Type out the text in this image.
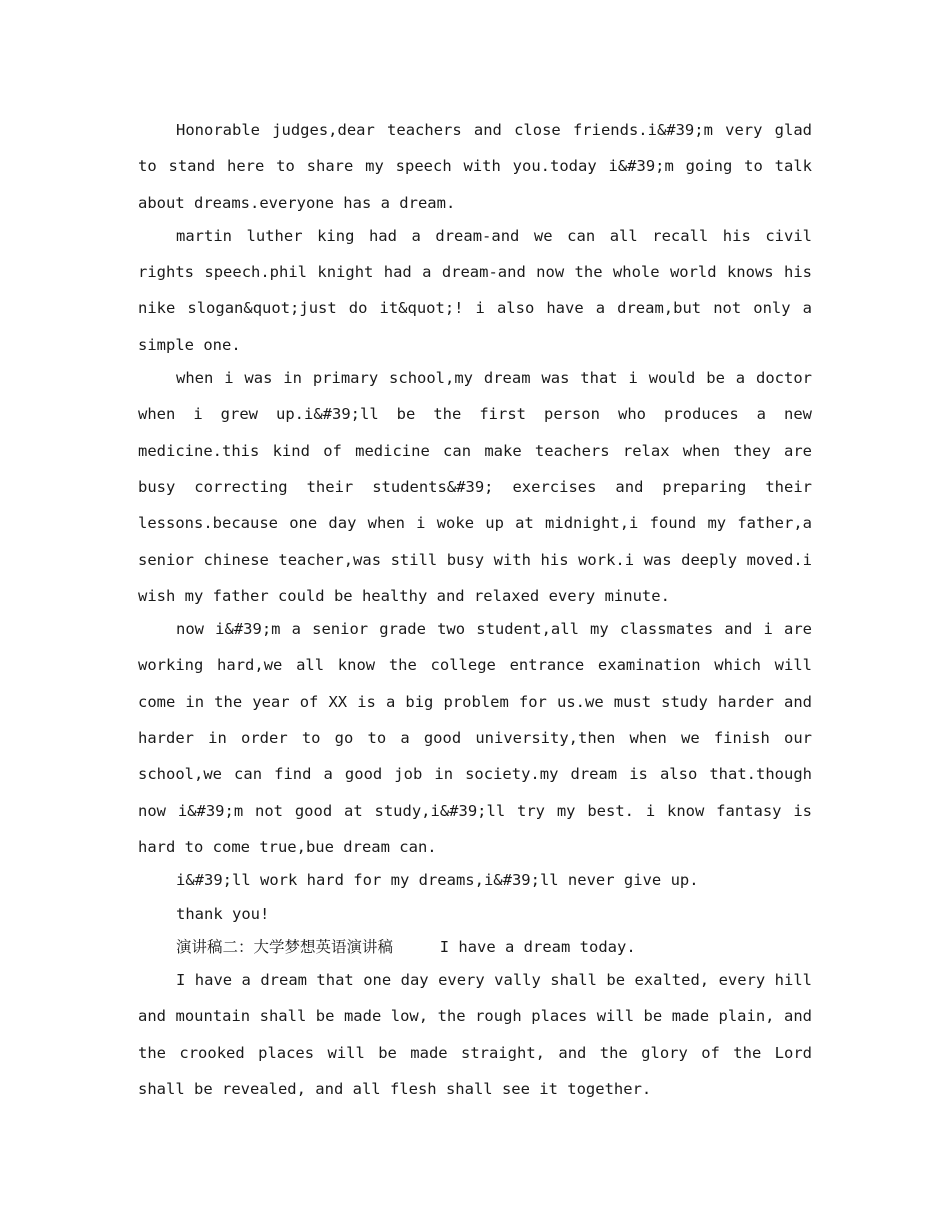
Honorable judges,dear teachers and close friends.i&#39;m very glad to stand here to share my speech with you.today i&#39;m going to talk about dreams.everyone has a dream.

martin luther king had a dream-and we can all recall his civil rights speech.phil knight had a dream-and now the whole world knows his nike slogan&quot;just do it&quot;! i also have a dream,but not only a simple one.

when i was in primary school,my dream was that i would be a doctor when i grew up.i&#39;ll be the first person who produces a new medicine.this kind of medicine can make teachers relax when they are busy correcting their students&#39; exercises and preparing their lessons.because one day when i woke up at midnight,i found my father,a senior chinese teacher,was still busy with his work.i was deeply moved.i wish my father could be healthy and relaxed every minute.

now i&#39;m a senior grade two student,all my classmates and i are working hard,we all know the college entrance examination which will come in the year of XX is a big problem for us.we must study harder and harder in order to go to a good university,then when we finish our school,we can find a good job in society.my dream is also that.though now i&#39;m not good at study,i&#39;ll try my best. i know fantasy is hard to come true,bue dream can.

i&#39;ll work hard for my dreams,i&#39;ll never give up.

thank you!

演讲稿二：大学梦想英语演讲稿	I have a dream today.

I have a dream that one day every vally shall be exalted, every hill and mountain shall be made low, the rough places will be made plain, and the crooked places will be made straight, and the glory of the Lord shall be revealed, and all flesh shall see it together.
